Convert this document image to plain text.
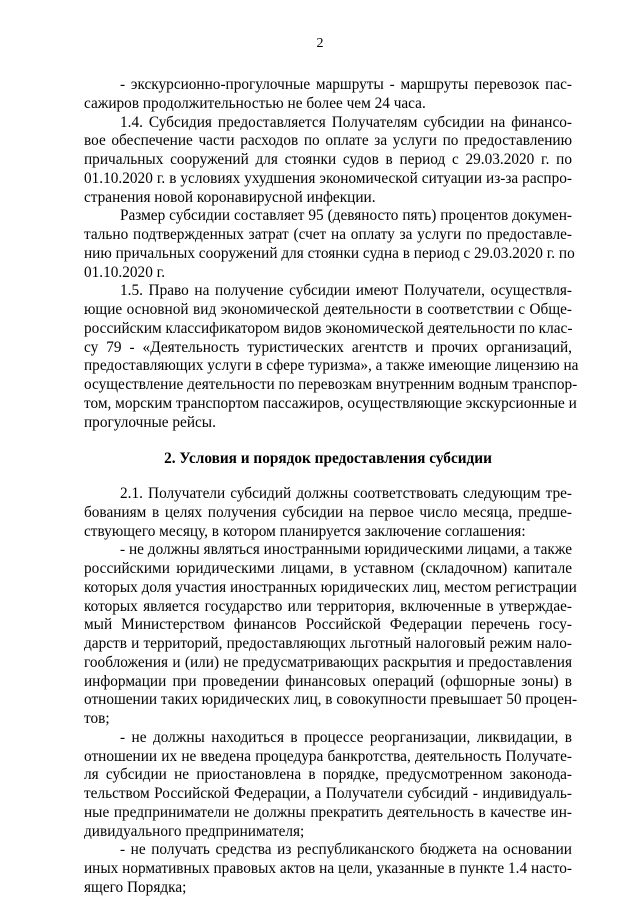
2
- экскурсионно-прогулочные маршруты - маршруты перевозок пас-
сажиров продолжительностью не более чем 24 часа.
1.4. Субсидия предоставляется Получателям субсидии на финансо-
вое обеспечение части расходов по оплате за услуги по предоставлению
причальных сооружений для стоянки судов в период с 29.03.2020 г. по
01.10.2020 г. в условиях ухудшения экономической ситуации из-за распро-
странения новой коронавирусной инфекции.
Размер субсидии составляет 95 (девяносто пять) процентов докумен-
тально подтвержденных затрат (счет на оплату за услуги по предоставле-
нию причальных сооружений для стоянки судна в период с 29.03.2020 г. по
01.10.2020 г.
1.5. Право на получение субсидии имеют Получатели, осуществля-
ющие основной вид экономической деятельности в соответствии с Обще-
российским классификатором видов экономической деятельности по клас-
су 79 - «Деятельность туристических агентств и прочих организаций,
предоставляющих услуги в сфере туризма», а также имеющие лицензию на
осуществление деятельности по перевозкам внутренним водным транспор-
том, морским транспортом пассажиров, осуществляющие экскурсионные и
прогулочные рейсы.
2. Условия и порядок предоставления субсидии
2.1. Получатели субсидий должны соответствовать следующим тре-
бованиям в целях получения субсидии на первое число месяца, предше-
ствующего месяцу, в котором планируется заключение соглашения:
- не должны являться иностранными юридическими лицами, а также
российскими юридическими лицами, в уставном (складочном) капитале
которых доля участия иностранных юридических лиц, местом регистрации
которых является государство или территория, включенные в утверждае-
мый Министерством финансов Российской Федерации перечень госу-
дарств и территорий, предоставляющих льготный налоговый режим нало-
гообложения и (или) не предусматривающих раскрытия и предоставления
информации при проведении финансовых операций (офшорные зоны) в
отношении таких юридических лиц, в совокупности превышает 50 процен-
тов;
- не должны находиться в процессе реорганизации, ликвидации, в
отношении их не введена процедура банкротства, деятельность Получате-
ля субсидии не приостановлена в порядке, предусмотренном законода-
тельством Российской Федерации, а Получатели субсидий - индивидуаль-
ные предприниматели не должны прекратить деятельность в качестве ин-
дивидуального предпринимателя;
- не получать средства из республиканского бюджета на основании
иных нормативных правовых актов на цели, указанные в пункте 1.4 насто-
ящего Порядка;
